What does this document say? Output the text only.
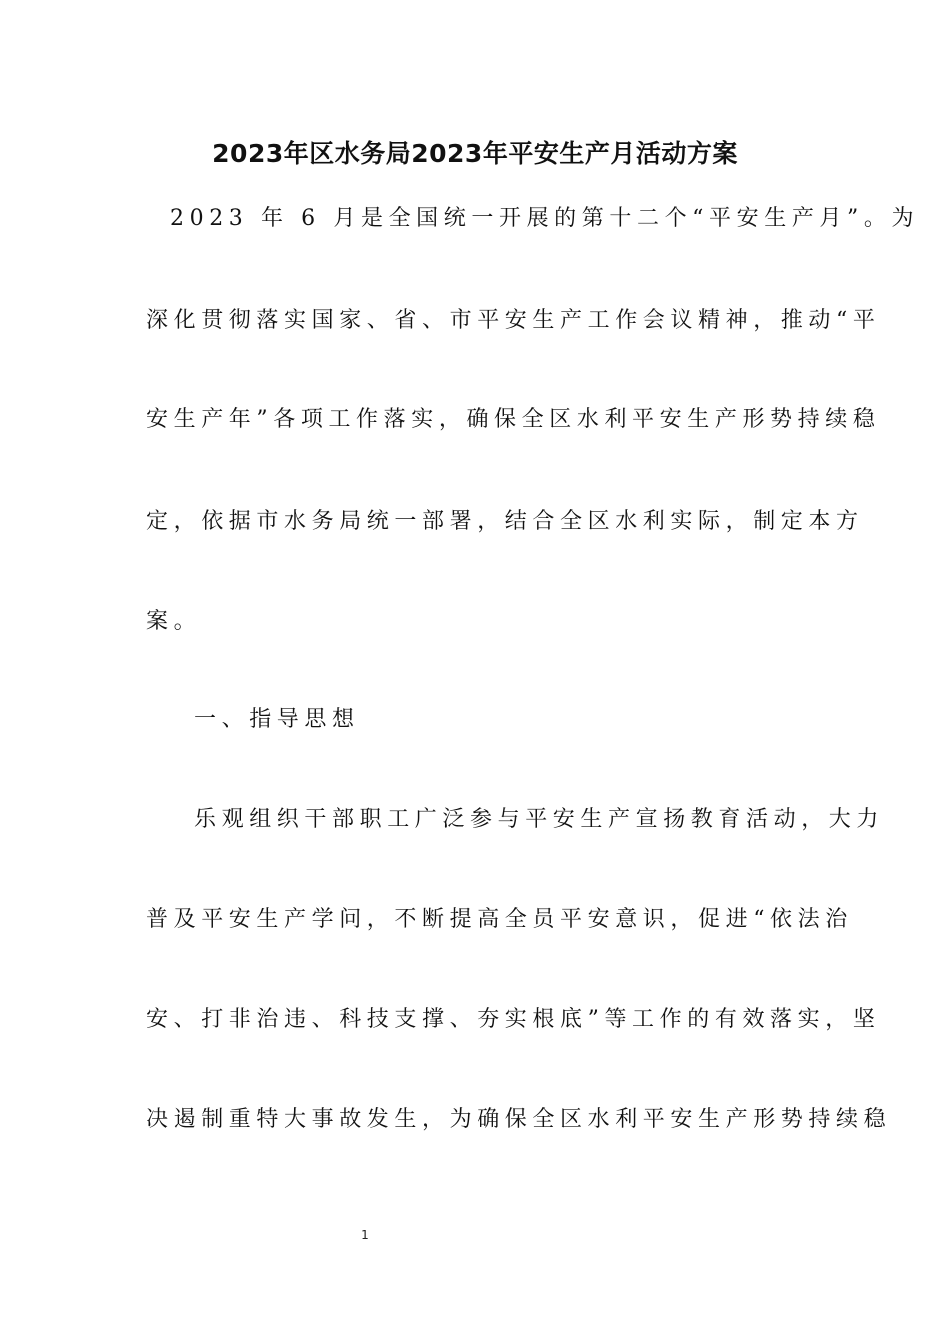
2023年区水务局2023年平安生产月活动方案
2023 年 6 月是全国统一开展的第十二个“平安生产月”。为
深化贯彻落实国家、省、市平安生产工作会议精神，推动“平
安生产年”各项工作落实，确保全区水利平安生产形势持续稳
定，依据市水务局统一部署，结合全区水利实际，制定本方
案。
一、指导思想
乐观组织干部职工广泛参与平安生产宣扬教育活动，大力
普及平安生产学问，不断提高全员平安意识，促进“依法治
安、打非治违、科技支撑、夯实根底”等工作的有效落实，坚
决遏制重特大事故发生，为确保全区水利平安生产形势持续稳
1
